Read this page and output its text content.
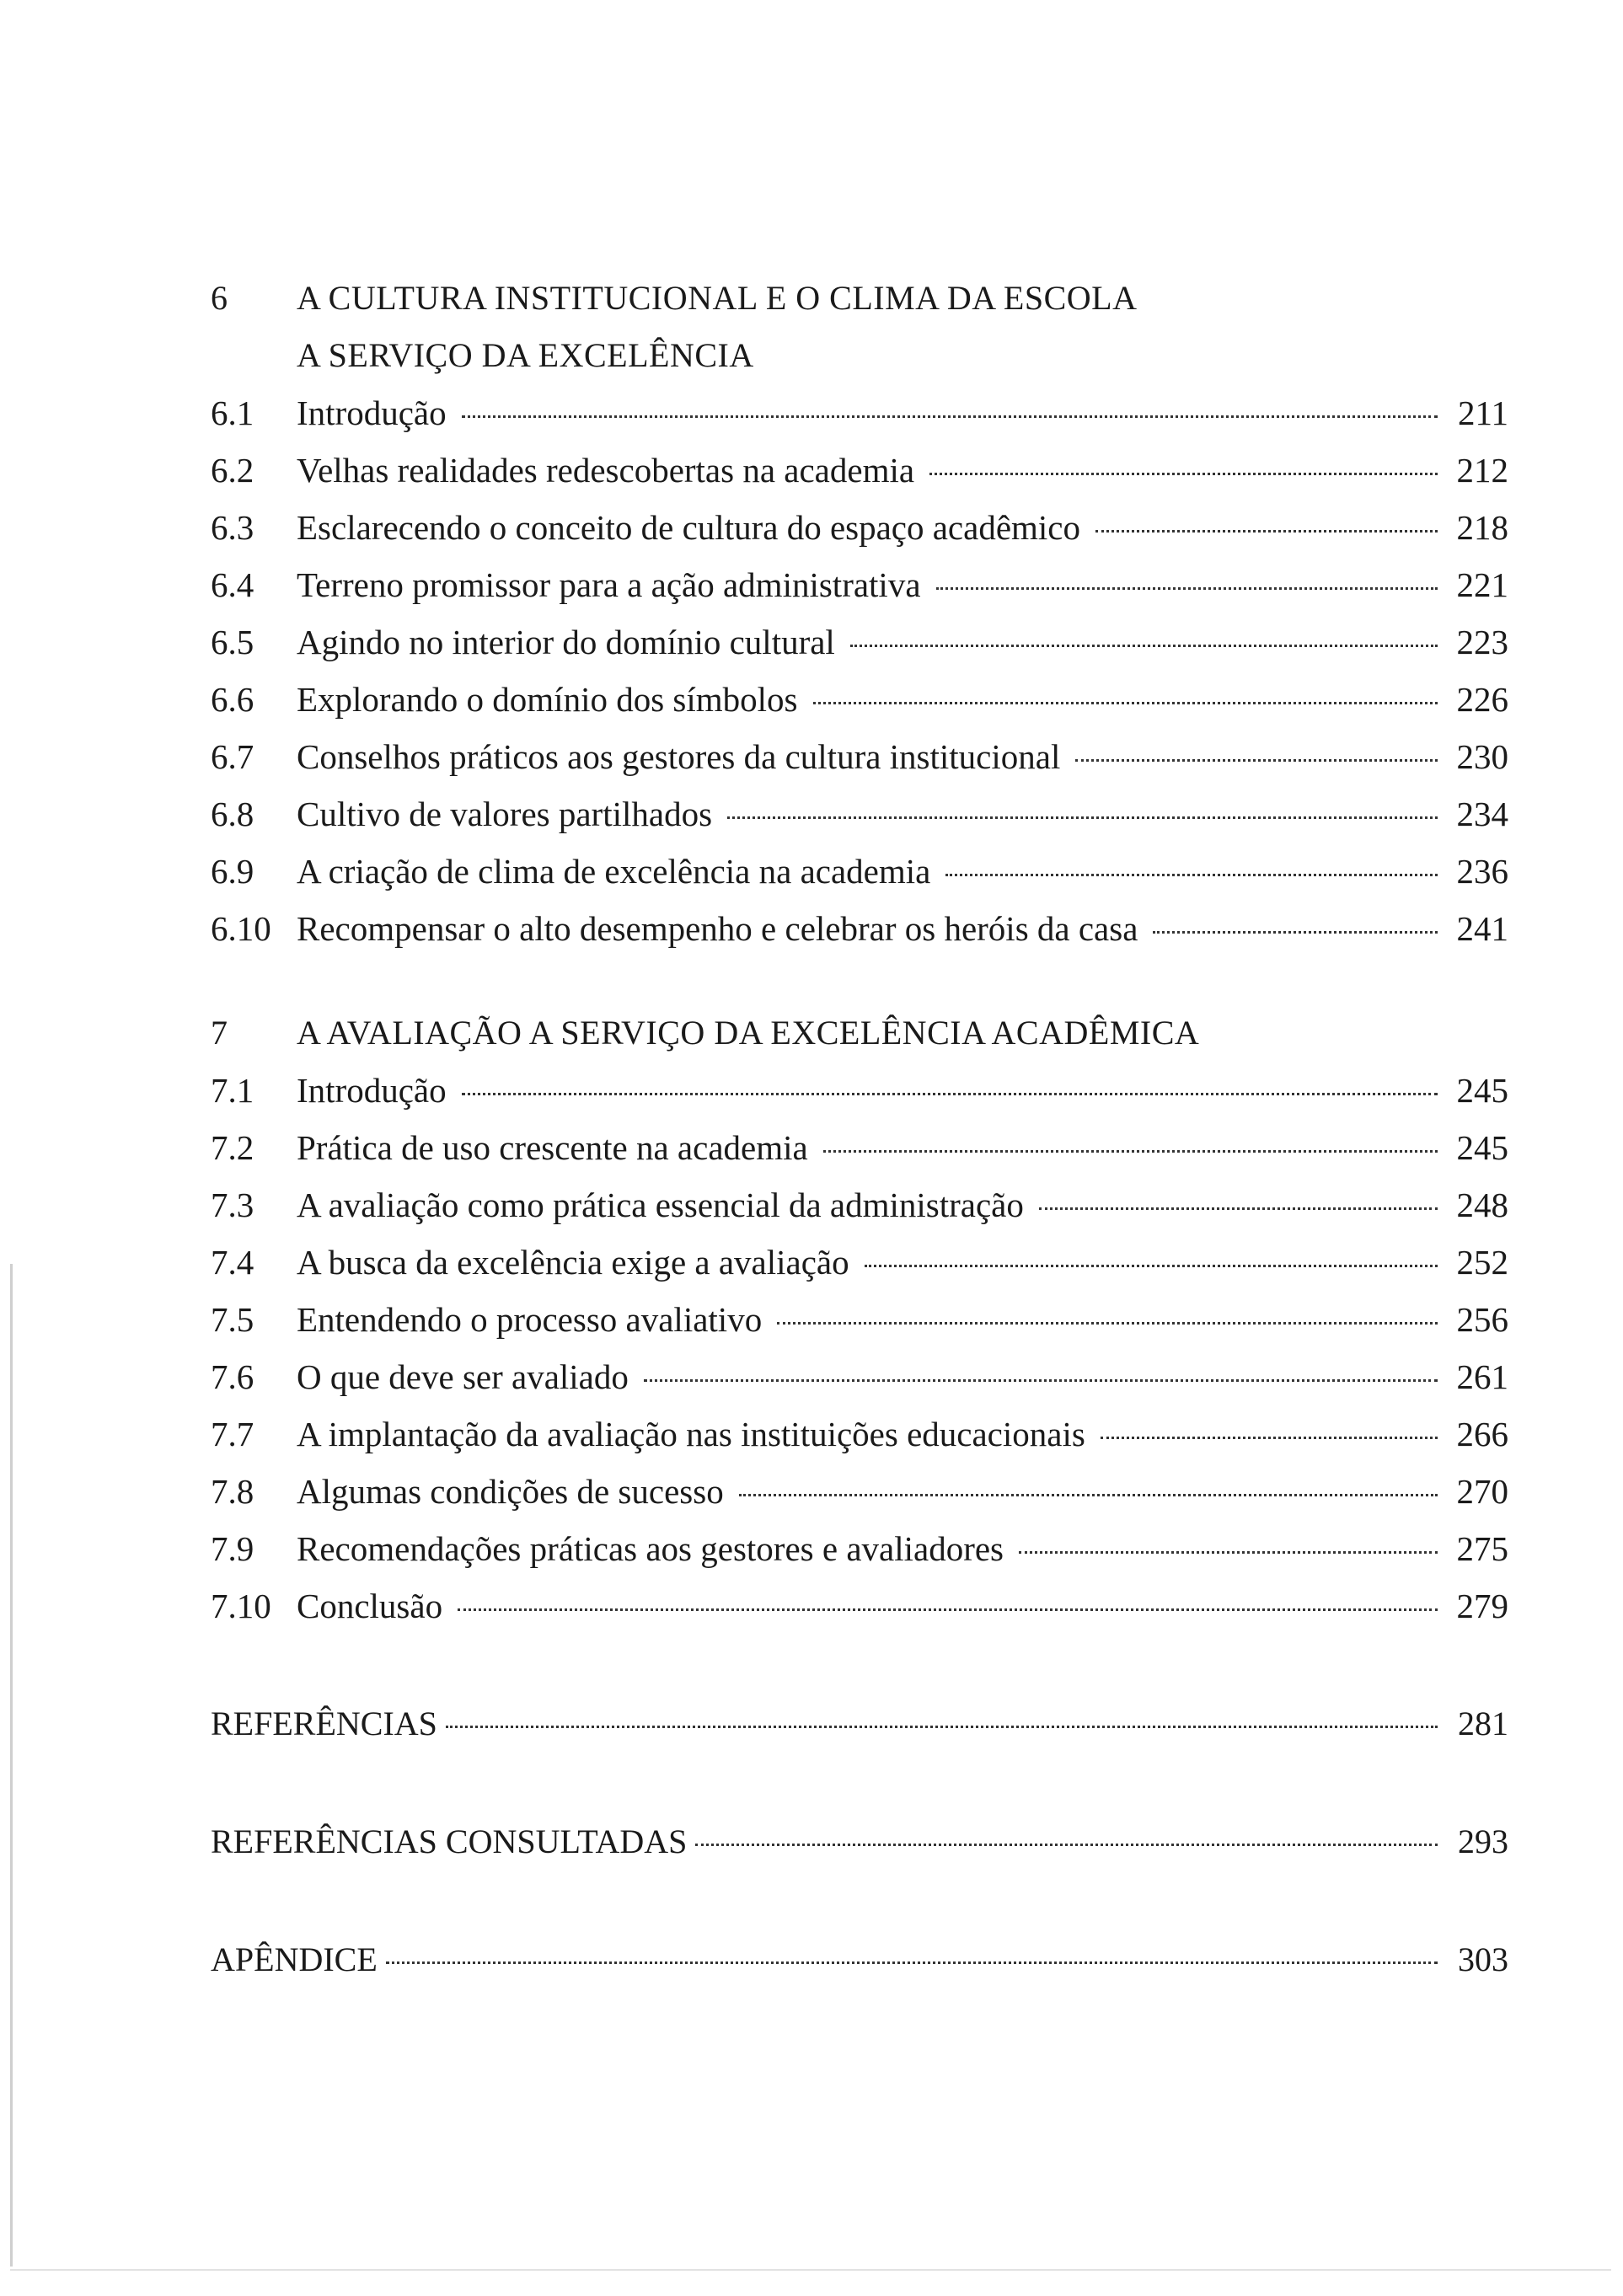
6	A CULTURA INSTITUCIONAL E O CLIMA DA ESCOLA
A SERVIÇO DA EXCELÊNCIA
6.1	Introdução	211
6.2	Velhas realidades redescobertas na academia	212
6.3	Esclarecendo o conceito de cultura do espaço acadêmico	218
6.4	Terreno promissor para a ação administrativa	221
6.5	Agindo no interior do domínio cultural	223
6.6	Explorando o domínio dos símbolos	226
6.7	Conselhos práticos aos gestores da cultura institucional	230
6.8	Cultivo de valores partilhados	234
6.9	A criação de clima de excelência na academia	236
6.10 Recompensar o alto desempenho e celebrar os heróis da casa	241
7	A AVALIAÇÃO A SERVIÇO DA EXCELÊNCIA ACADÊMICA
7.1	Introdução	245
7.2	Prática de uso crescente na academia	245
7.3	A avaliação como prática essencial da administração	248
7.4	A busca da excelência exige a avaliação	252
7.5	Entendendo o processo avaliativo	256
7.6	O que deve ser avaliado	261
7.7	A implantação da avaliação nas instituições educacionais	266
7.8	Algumas condições de sucesso	270
7.9	Recomendações práticas aos gestores e avaliadores	275
7.10 Conclusão	279
REFERÊNCIAS	281
REFERÊNCIAS CONSULTADAS	293
APÊNDICE	303
